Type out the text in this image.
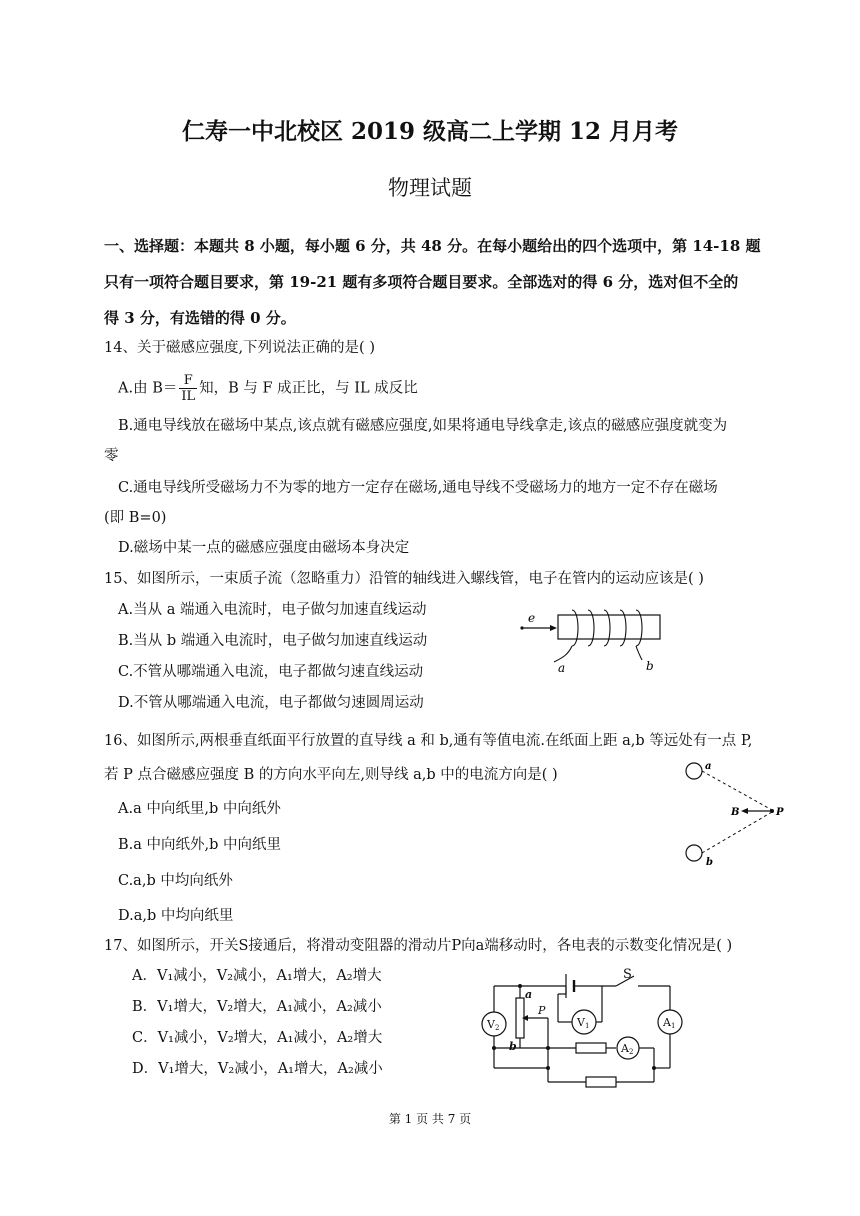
仁寿一中北校区 2019 级高二上学期 12 月月考
物理试题
一、选择题：本题共 8 小题，每小题 6 分，共 48 分。在每小题给出的四个选项中，第 14-18 题
只有一项符合题目要求，第 19-21 题有多项符合题目要求。全部选对的得 6 分，选对但不全的
得 3 分，有选错的得 0 分。
14、关于磁感应强度,下列说法正确的是( )
A.由 $B= \frac{F}{IL}$ 知，B 与 F 成正比，与 IL 成反比
B.通电导线放在磁场中某点,该点就有磁感应强度,如果将通电导线拿走,该点的磁感应强度就变为
零
C.通电导线所受磁场力不为零的地方一定存在磁场,通电导线不受磁场力的地方一定不存在磁场
(即 B=0)
D.磁场中某一点的磁感应强度由磁场本身决定
15、如图所示，一束质子流（忽略重力）沿管的轴线进入螺线管，电子在管内的运动应该是( )
A.当从 a 端通入电流时，电子做匀加速直线运动
B.当从 b 端通入电流时，电子做匀加速直线运动
C.不管从哪端通入电流，电子都做匀速直线运动
D.不管从哪端通入电流，电子都做匀速圆周运动
e
a	b
16、如图所示,两根垂直纸面平行放置的直导线 a 和 b,通有等值电流.在纸面上距 a,b 等远处有一点 P,
若 P 点合磁感应强度 B 的方向水平向左,则导线 a,b 中的电流方向是( )
A.a 中向纸里,b 中向纸外
B.a 中向纸外,b 中向纸里
C.a,b 中均向纸外
D.a,b 中均向纸里
a
b
B	P
17、如图所示，开关S接通后，将滑动变阻器的滑动片P向a端移动时，各电表的示数变化情况是( )
A．V₁减小，V₂减小，A₁增大，A₂增大
B．V₁增大，V₂增大，A₁减小，A₂减小
C．V₁减小，V₂增大，A₁减小，A₂增大
D．V₁增大，V₂减小，A₁增大，A₂减小
S
a
b
P
V2	V1	A1
A2
第 1 页 共 7 页
